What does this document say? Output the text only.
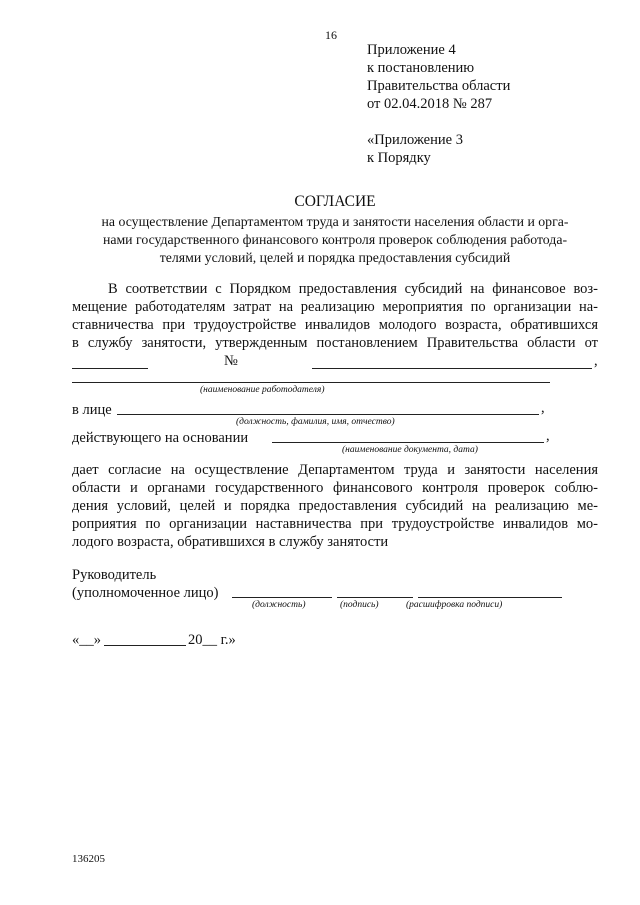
16
Приложение 4
к постановлению
Правительства области
от 02.04.2018 № 287
«Приложение 3
к Порядку
СОГЛАСИЕ
на осуществление Департаментом труда и занятости населения области и орга-
нами государственного финансового контроля проверок соблюдения работода-
телями условий, целей и порядка предоставления субсидий
В соответствии с Порядком предоставления субсидий на финансовое воз-
мещение работодателям затрат на реализацию мероприятия по организации на-
ставничества при трудоустройстве инвалидов молодого возраста, обратившихся
в службу занятости, утвержденным постановлением Правительства области от
№	,
(наименование работодателя)
в лице	,
(должность, фамилия, имя, отчество)
действующего на основании	,
(наименование документа, дата)
дает согласие на осуществление Департаментом труда и занятости населения
области и органами государственного финансового контроля проверок соблю-
дения условий, целей и порядка предоставления субсидий на реализацию ме-
роприятия по организации наставничества при трудоустройстве инвалидов мо-
лодого возраста, обратившихся в службу занятости
Руководитель
(уполномоченное лицо)
(должность)	(подпись)	(расшифровка подписи)
«__»	20__ г.»
136205
